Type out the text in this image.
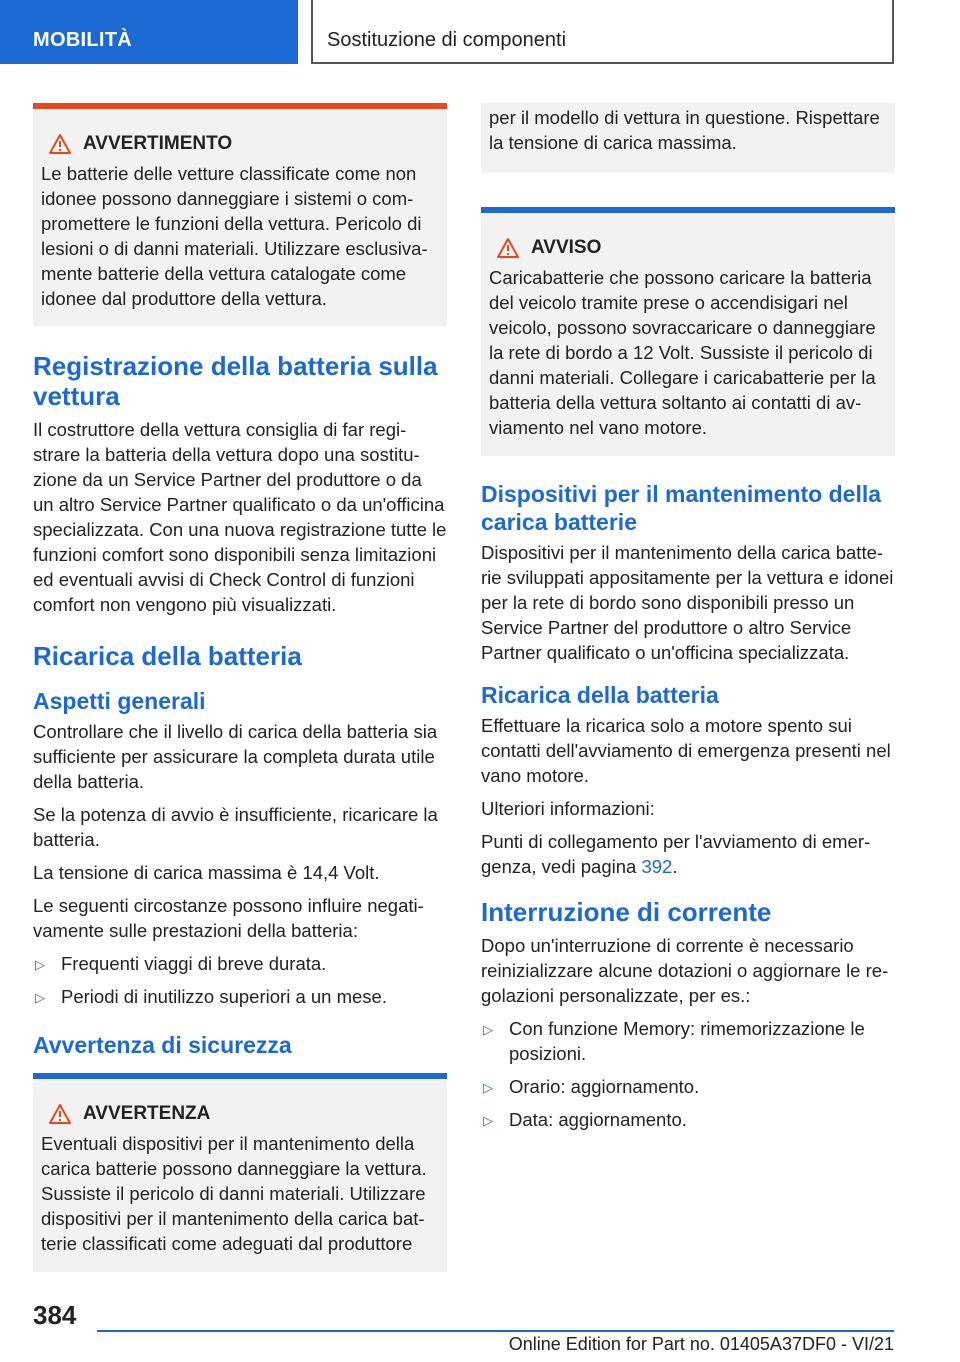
MOBILITÀ	Sostituzione di componenti
AVVERTIMENTO

Le batterie delle vetture classificate come non idonee possono danneggiare i sistemi o compromettere le funzioni della vettura. Pericolo di lesioni o di danni materiali. Utilizzare esclusivamente batterie della vettura catalogate come idonee dal produttore della vettura.

Registrazione della batteria sulla vettura

Il costruttore della vettura consiglia di far registrare la batteria della vettura dopo una sostituzione da un Service Partner del produttore o da un altro Service Partner qualificato o da un'officina specializzata. Con una nuova registrazione tutte le funzioni comfort sono disponibili senza limitazioni ed eventuali avvisi di Check Control di funzioni comfort non vengono più visualizzati.

Ricarica della batteria
Aspetti generali

Controllare che il livello di carica della batteria sia sufficiente per assicurare la completa durata utile della batteria.

Se la potenza di avvio è insufficiente, ricaricare la batteria.

La tensione di carica massima è 14,4 Volt.

Le seguenti circostanze possono influire negativamente sulle prestazioni della batteria:

▷ Frequenti viaggi di breve durata.
▷ Periodi di inutilizzo superiori a un mese.
Avvertenza di sicurezza
AVVERTENZA

Eventuali dispositivi per il mantenimento della carica batterie possono danneggiare la vettura. Sussiste il pericolo di danni materiali. Utilizzare dispositivi per il mantenimento della carica batterie classificati come adeguati dal produttore

per il modello di vettura in questione. Rispettare la tensione di carica massima.

AVVISO

Caricabatterie che possono caricare la batteria del veicolo tramite prese o accendisigari nel veicolo, possono sovraccaricare o danneggiare la rete di bordo a 12 Volt. Sussiste il pericolo di danni materiali. Collegare i caricabatterie per la batteria della vettura soltanto ai contatti di avviamento nel vano motore.

Dispositivi per il mantenimento della carica batterie

Dispositivi per il mantenimento della carica batterie sviluppati appositamente per la vettura e idonei per la rete di bordo sono disponibili presso un Service Partner del produttore o altro Service Partner qualificato o un'officina specializzata.

Ricarica della batteria

Effettuare la ricarica solo a motore spento sui contatti dell'avviamento di emergenza presenti nel vano motore.

Ulteriori informazioni:

Punti di collegamento per l'avviamento di emergenza, vedi pagina 392.

Interruzione di corrente

Dopo un'interruzione di corrente è necessario reinizializzare alcune dotazioni o aggiornare le regolazioni personalizzate, per es.:

▷ Con funzione Memory: rimemorizzazione le posizioni.
▷ Orario: aggiornamento.
▷ Data: aggiornamento.
384
Online Edition for Part no. 01405A37DF0 - VI/21
